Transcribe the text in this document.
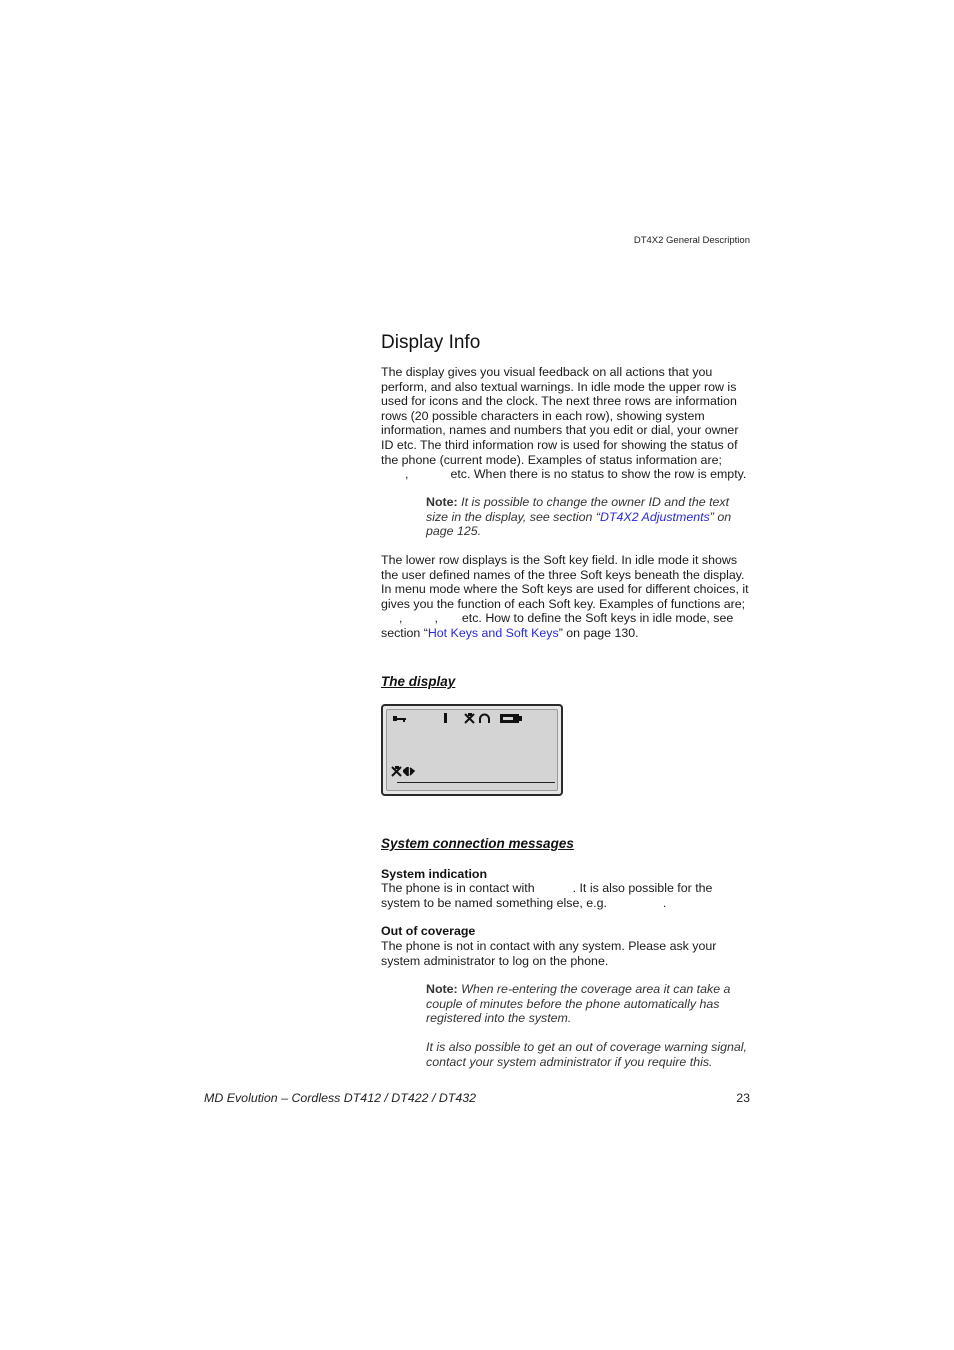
DT4X2 General Description
Display Info

The display gives you visual feedback on all actions that you perform, and also textual warnings. In idle mode the upper row is used for icons and the clock. The next three rows are information rows (20 possible characters in each row), showing system information, names and numbers that you edit or dial, your owner ID etc. The third information row is used for showing the status of the phone (current mode). Examples of status information are;
,	etc. When there is no status to show the row is empty.

Note: It is possible to change the owner ID and the text size in the display, see section “DT4X2 Adjustments” on page 125.

The lower row displays is the Soft key field. In idle mode it shows the user defined names of the three Soft keys beneath the display. In menu mode where the Soft keys are used for different choices, it gives you the function of each Soft key. Examples of functions are;
,	, etc. How to define the Soft keys in idle mode, see section “Hot Keys and Soft Keys” on page 130.

The display
System connection messages
System indication

The phone is in contact with	. It is also possible for the system to be named something else, e.g.	.

Out of coverage

The phone is not in contact with any system. Please ask your system administrator to log on the phone.

Note: When re-entering the coverage area it can take a couple of minutes before the phone automatically has registered into the system.

It is also possible to get an out of coverage warning signal, contact your system administrator if you require this.

MD Evolution – Cordless DT412 / DT422 / DT432	23
